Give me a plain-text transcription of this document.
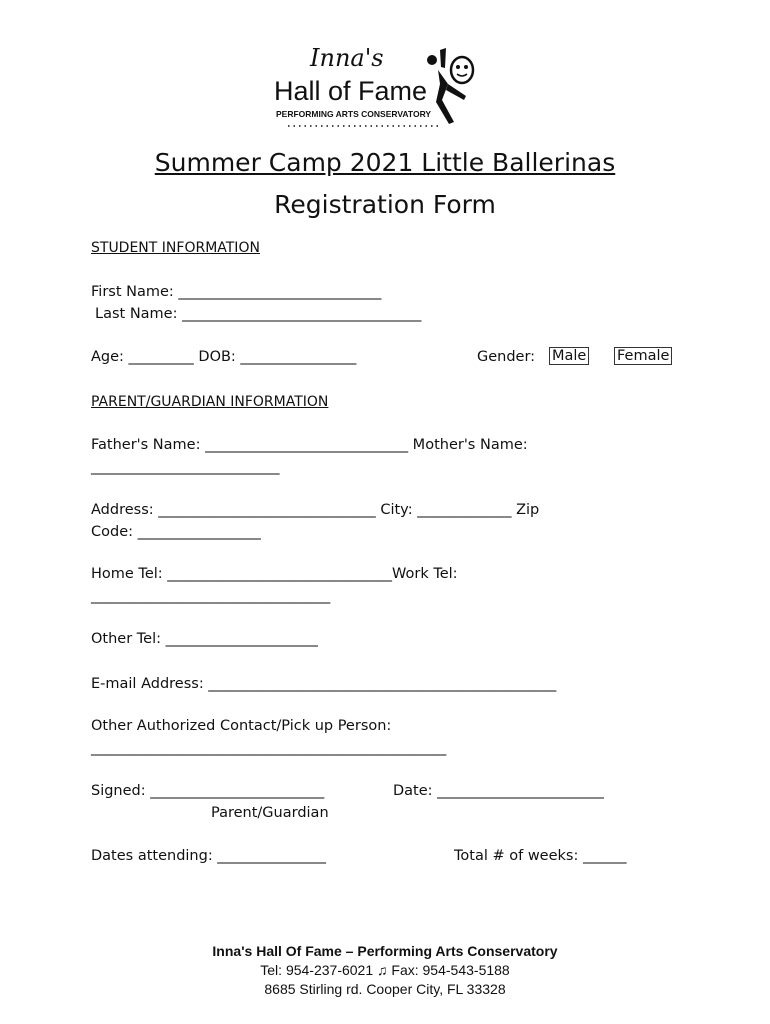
Inna's
Hall of Fame
PERFORMING ARTS CONSERVATORY
Summer Camp 2021 Little Ballerinas
Registration Form
STUDENT INFORMATION
First Name: ____________________________
Last Name: _________________________________
Age: _________ DOB: ________________	Gender: Male Female
PARENT/GUARDIAN INFORMATION
Father's Name: ____________________________ Mother's Name:
__________________________
Address: ______________________________ City: _____________ Zip
Code: _________________
Home Tel: _______________________________Work Tel:
_________________________________
Other Tel: _____________________
E-mail Address: ________________________________________________
Other Authorized Contact/Pick up Person:
_________________________________________________
Signed: ________________________	Date: _______________________
Parent/Guardian
Dates attending: _______________	Total # of weeks: ______
Inna's Hall Of Fame – Performing Arts Conservatory
Tel: 954-237-6021 ♫ Fax: 954-543-5188
8685 Stirling rd. Cooper City, FL 33328
